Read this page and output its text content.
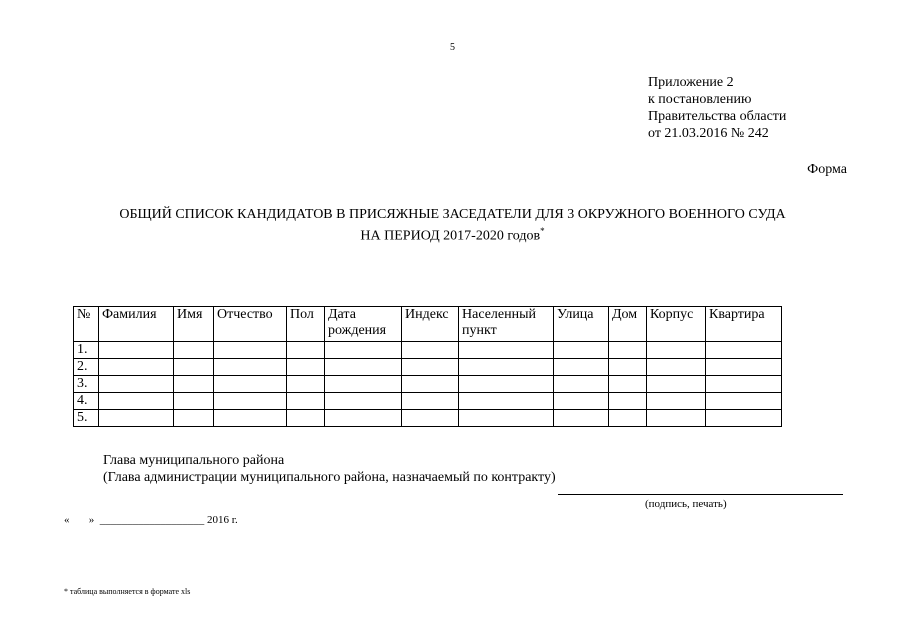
5
Приложение 2
к постановлению
Правительства области
от 21.03.2016 № 242
Форма
ОБЩИЙ СПИСОК КАНДИДАТОВ В ПРИСЯЖНЫЕ ЗАСЕДАТЕЛИ ДЛЯ 3 ОКРУЖНОГО ВОЕННОГО СУДА
НА ПЕРИОД 2017-2020 годов*
№	Фамилия	Имя	Отчество	Пол	Дата рождения	Индекс	Населенный пункт	Улица	Дом	Корпус	Квартира
1.											
2.											
3.											
4.											
5.											
Глава муниципального района
(Глава администрации муниципального района, назначаемый по контракту)
(подпись, печать)
«       »  ___________________ 2016 г.
* таблица выполняется в формате xls
